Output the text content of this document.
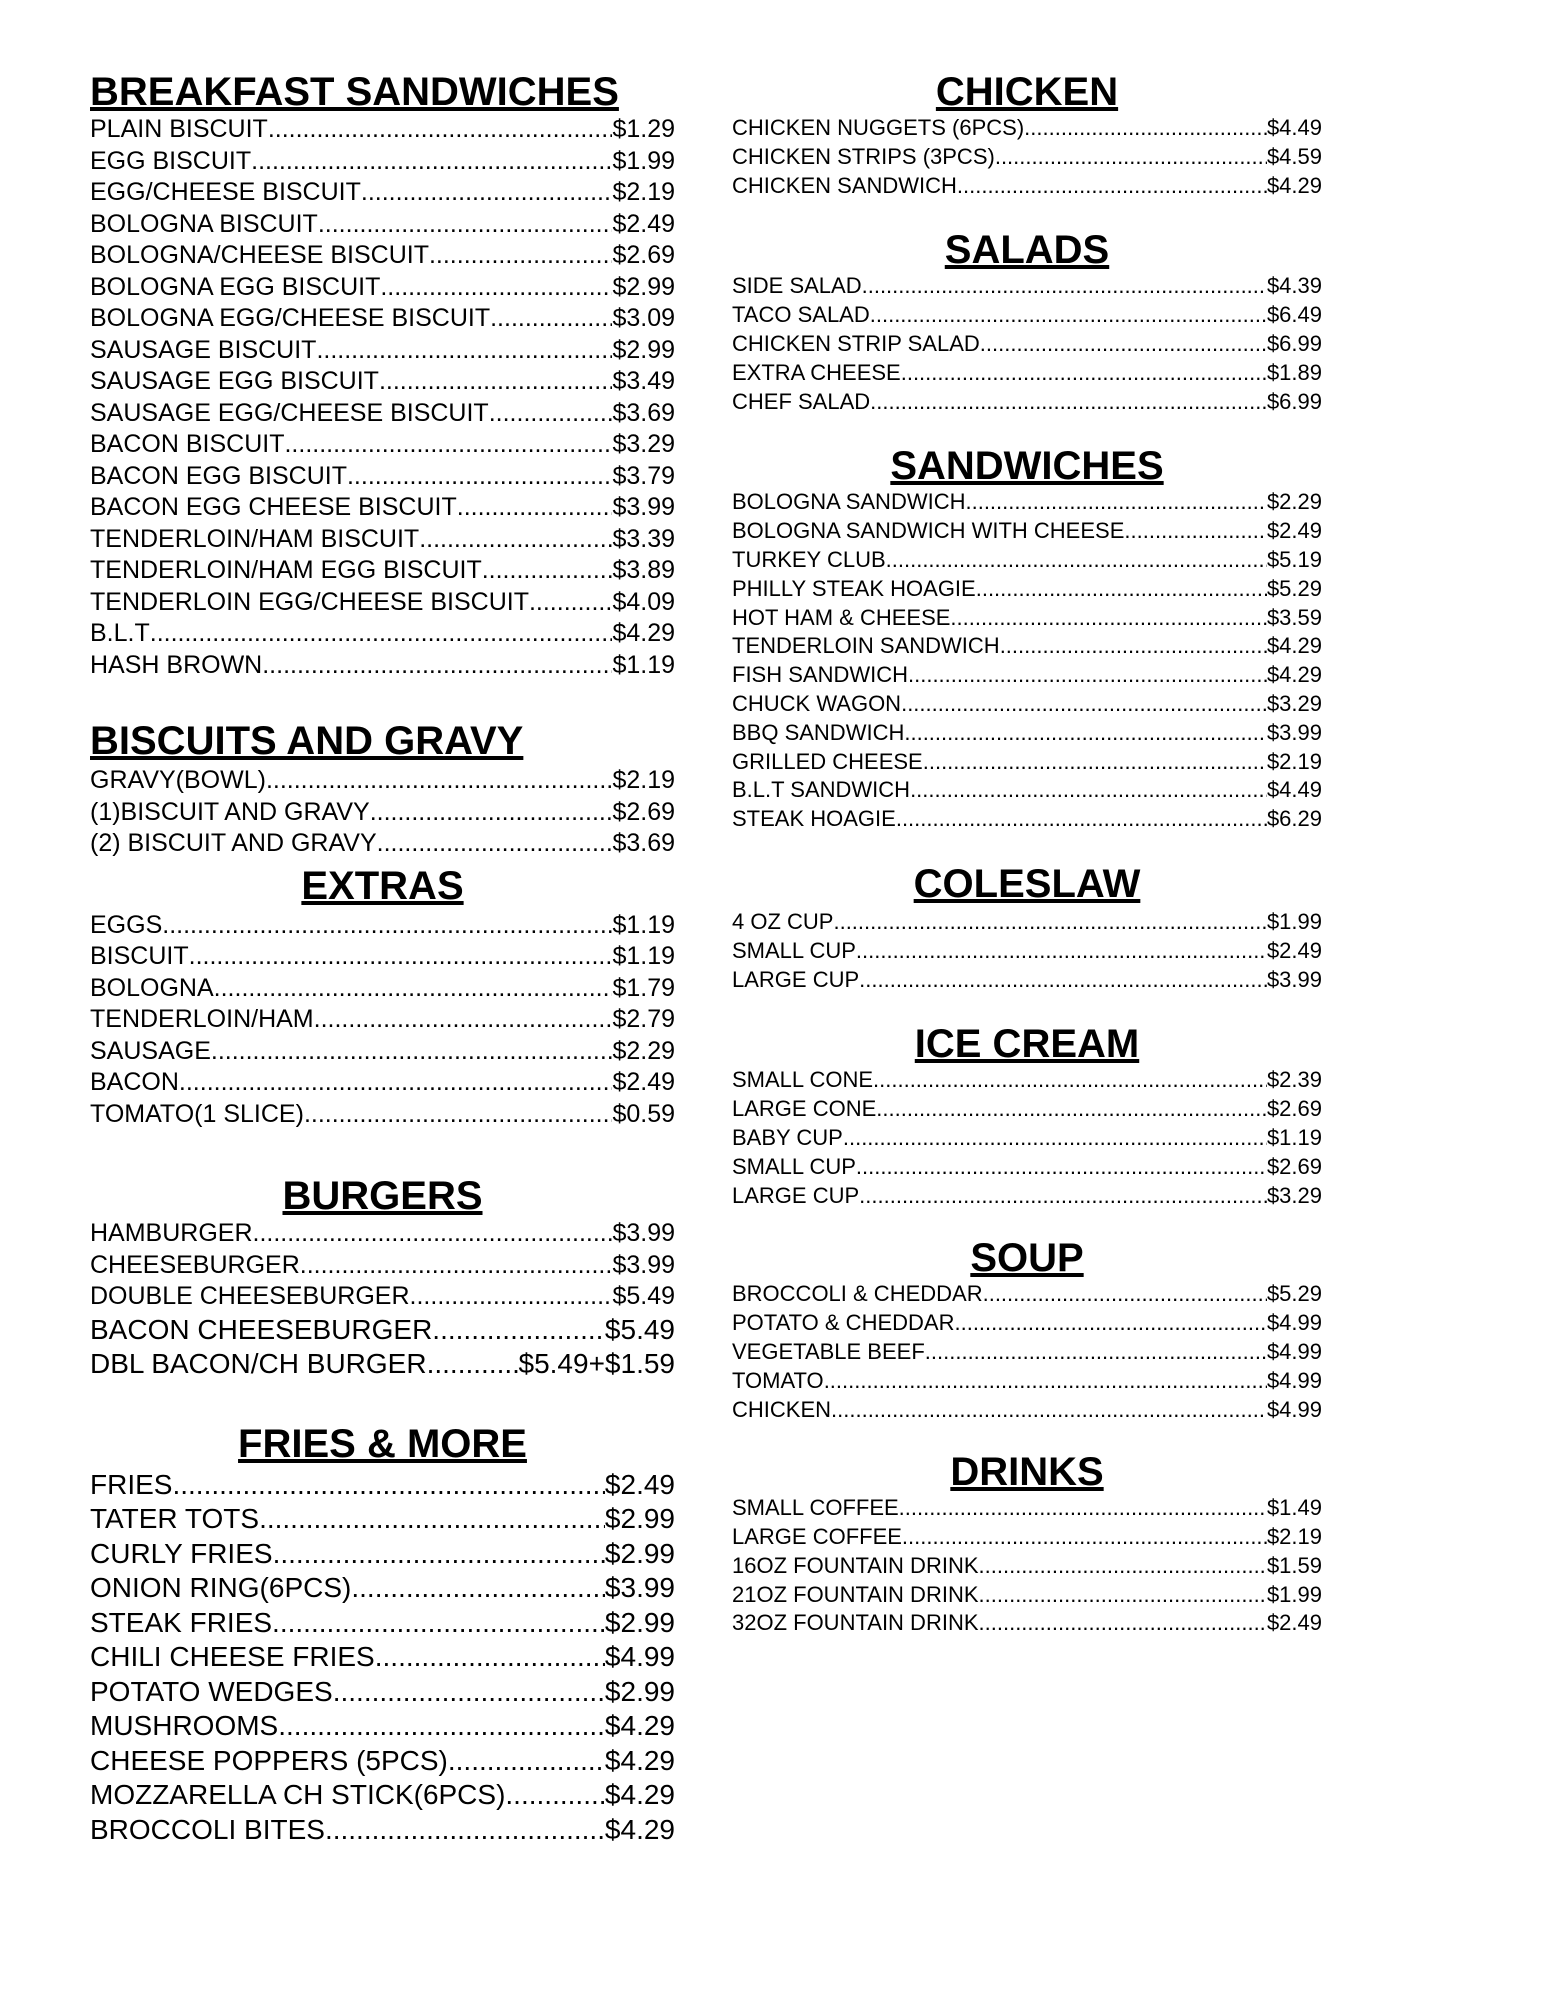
BREAKFAST SANDWICHES
PLAIN BISCUIT .....	$1.29
EGG BISCUIT .....	$1.99
EGG/CHEESE BISCUIT .....	$2.19
BOLOGNA BISCUIT .....	$2.49
BOLOGNA/CHEESE BISCUIT .....	$2.69
BOLOGNA EGG BISCUIT .....	$2.99
BOLOGNA EGG/CHEESE BISCUIT .....	$3.09
SAUSAGE BISCUIT .....	$2.99
SAUSAGE EGG BISCUIT .....	$3.49
SAUSAGE EGG/CHEESE BISCUIT .....	$3.69
BACON BISCUIT .....	$3.29
BACON EGG BISCUIT .....	$3.79
BACON EGG CHEESE BISCUIT .....	$3.99
TENDERLOIN/HAM BISCUIT .....	$3.39
TENDERLOIN/HAM EGG BISCUIT .....	$3.89
TENDERLOIN EGG/CHEESE BISCUIT .....	$4.09
B.L.T .....	$4.29
HASH BROWN .....	$1.19
BISCUITS AND GRAVY
GRAVY(BOWL) .....	$2.19
(1)BISCUIT AND GRAVY .....	$2.69
(2) BISCUIT AND GRAVY .....	$3.69
EXTRAS
EGGS .....	$1.19
BISCUIT .....	$1.19
BOLOGNA .....	$1.79
TENDERLOIN/HAM .....	$2.79
SAUSAGE .....	$2.29
BACON .....	$2.49
TOMATO(1 SLICE) .....	$0.59
BURGERS
HAMBURGER .....	$3.99
CHEESEBURGER .....	$3.99
DOUBLE CHEESEBURGER .....	$5.49
BACON CHEESEBURGER .....	$5.49
DBL BACON/CH BURGER .....	$5.49+$1.59
FRIES & MORE
FRIES .....	$2.49
TATER TOTS .....	$2.99
CURLY FRIES .....	$2.99
ONION RING(6PCS) .....	$3.99
STEAK FRIES .....	$2.99
CHILI CHEESE FRIES .....	$4.99
POTATO WEDGES .....	$2.99
MUSHROOMS .....	$4.29
CHEESE POPPERS (5PCS) .....	$4.29
MOZZARELLA CH STICK(6PCS) .....	$4.29
BROCCOLI BITES .....	$4.29
CHICKEN
CHICKEN NUGGETS (6PCS) .....	$4.49
CHICKEN STRIPS (3PCS) .....	$4.59
CHICKEN SANDWICH .....	$4.29
SALADS
SIDE SALAD .....	$4.39
TACO SALAD .....	$6.49
CHICKEN STRIP SALAD .....	$6.99
EXTRA CHEESE .....	$1.89
CHEF SALAD .....	$6.99
SANDWICHES
BOLOGNA SANDWICH .....	$2.29
BOLOGNA SANDWICH WITH CHEESE .....	$2.49
TURKEY CLUB .....	$5.19
PHILLY STEAK HOAGIE .....	$5.29
HOT HAM & CHEESE .....	$3.59
TENDERLOIN SANDWICH .....	$4.29
FISH SANDWICH .....	$4.29
CHUCK WAGON .....	$3.29
BBQ SANDWICH .....	$3.99
GRILLED CHEESE .....	$2.19
B.L.T SANDWICH .....	$4.49
STEAK HOAGIE .....	$6.29
COLESLAW
4 OZ CUP .....	$1.99
SMALL CUP .....	$2.49
LARGE CUP .....	$3.99
ICE CREAM
SMALL CONE .....	$2.39
LARGE CONE .....	$2.69
BABY CUP .....	$1.19
SMALL CUP .....	$2.69
LARGE CUP .....	$3.29
SOUP
BROCCOLI & CHEDDAR .....	$5.29
POTATO & CHEDDAR .....	$4.99
VEGETABLE BEEF .....	$4.99
TOMATO .....	$4.99
CHICKEN .....	$4.99
DRINKS
SMALL COFFEE .....	$1.49
LARGE COFFEE .....	$2.19
16OZ FOUNTAIN DRINK .....	$1.59
21OZ FOUNTAIN DRINK .....	$1.99
32OZ FOUNTAIN DRINK .....	$2.49
